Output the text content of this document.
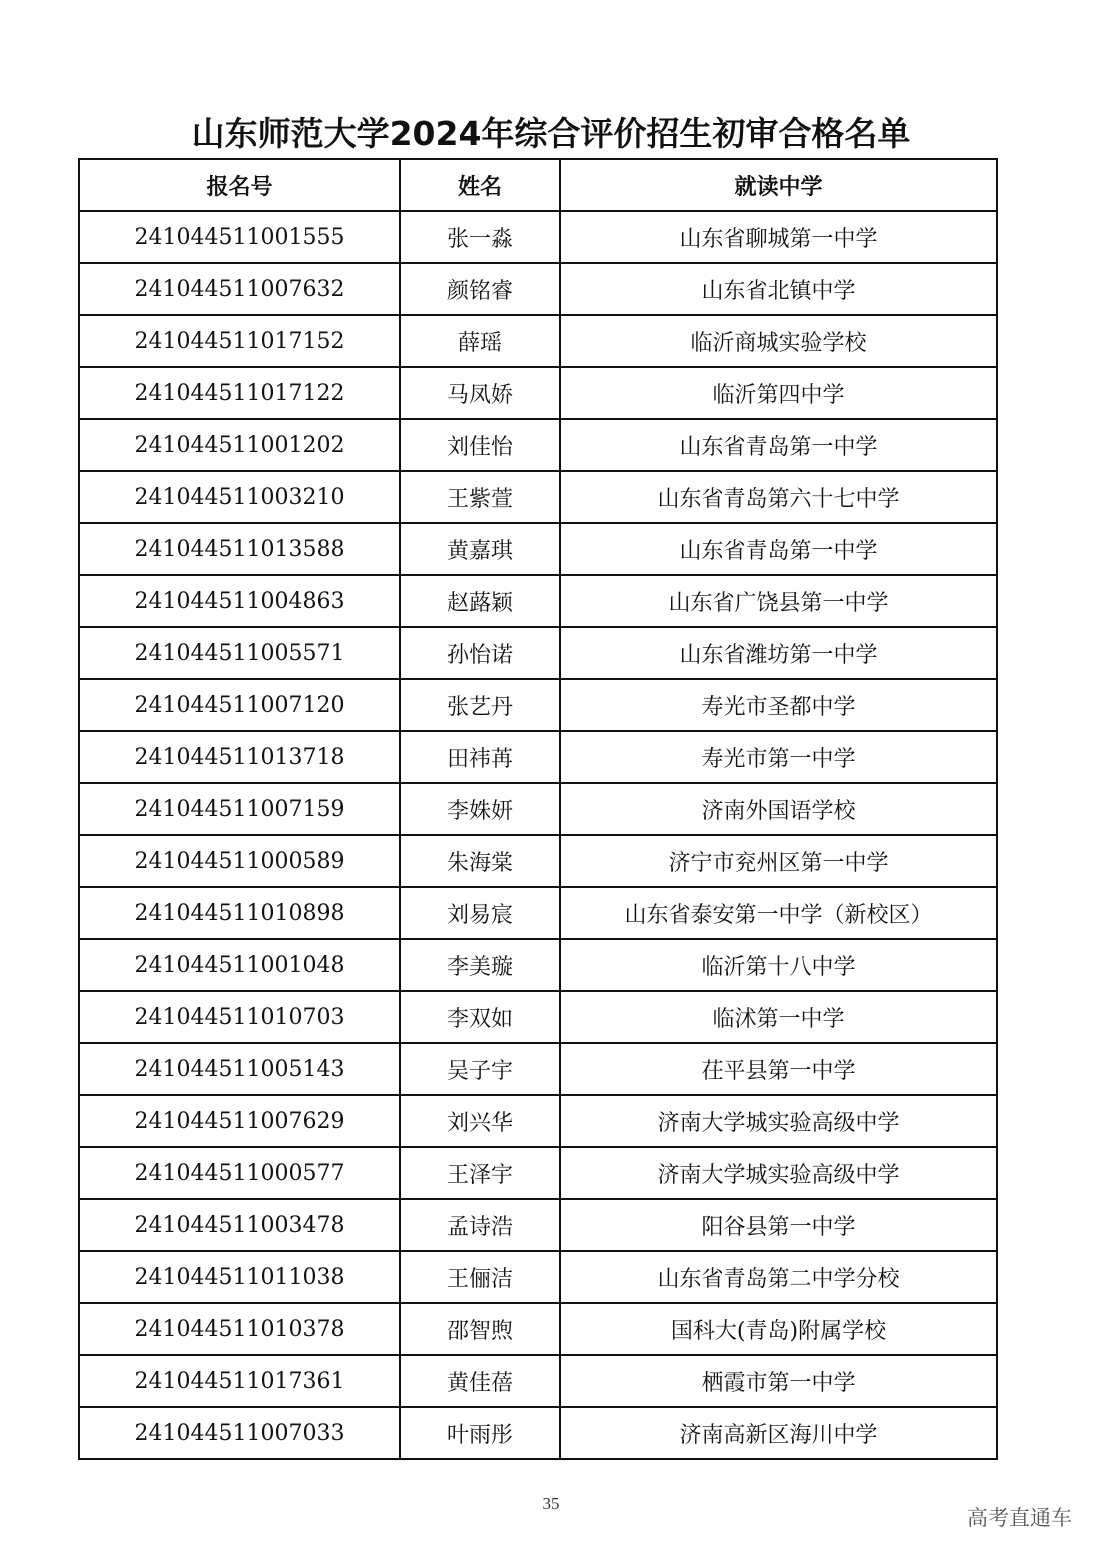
山东师范大学2024年综合评价招生初审合格名单
报名号	姓名	就读中学
241044511001555	张一淼	山东省聊城第一中学
241044511007632	颜铭睿	山东省北镇中学
241044511017152	薛瑶	临沂商城实验学校
241044511017122	马凤娇	临沂第四中学
241044511001202	刘佳怡	山东省青岛第一中学
241044511003210	王紫萱	山东省青岛第六十七中学
241044511013588	黄嘉琪	山东省青岛第一中学
241044511004863	赵蕗颖	山东省广饶县第一中学
241044511005571	孙怡诺	山东省潍坊第一中学
241044511007120	张艺丹	寿光市圣都中学
241044511013718	田祎苒	寿光市第一中学
241044511007159	李姝妍	济南外国语学校
241044511000589	朱海棠	济宁市兖州区第一中学
241044511010898	刘易宸	山东省泰安第一中学（新校区）
241044511001048	李美璇	临沂第十八中学
241044511010703	李双如	临沭第一中学
241044511005143	吴子宇	茌平县第一中学
241044511007629	刘兴华	济南大学城实验高级中学
241044511000577	王泽宇	济南大学城实验高级中学
241044511003478	孟诗浩	阳谷县第一中学
241044511011038	王俪洁	山东省青岛第二中学分校
241044511010378	邵智煦	国科大(青岛)附属学校
241044511017361	黄佳蓓	栖霞市第一中学
241044511007033	叶雨彤	济南高新区海川中学
35
高考直通车
